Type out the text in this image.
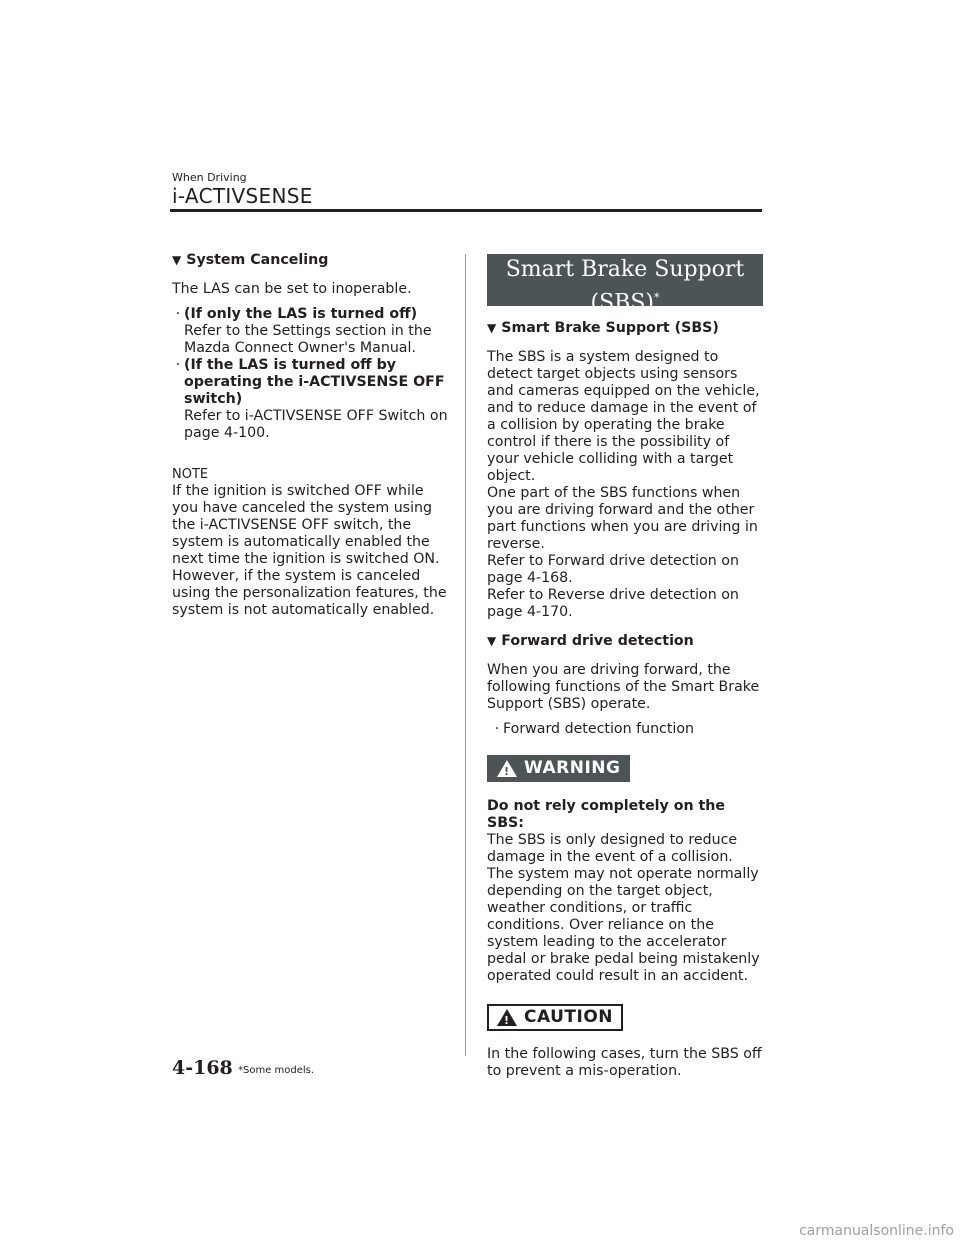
When Driving
i-ACTIVSENSE
▼ System Canceling

The LAS can be set to inoperable.

· (If only the LAS is turned off)
Refer to the Settings section in the Mazda Connect Owner's Manual.
· (If the LAS is turned off by operating the i-ACTIVSENSE OFF switch)
Refer to i-ACTIVSENSE OFF Switch on page 4-100.
NOTE

If the ignition is switched OFF while you have canceled the system using the i-ACTIVSENSE OFF switch, the system is automatically enabled the next time the ignition is switched ON. However, if the system is canceled using the personalization features, the system is not automatically enabled.

Smart Brake Support
(SBS)*
▼ Smart Brake Support (SBS)

The SBS is a system designed to detect target objects using sensors and cameras equipped on the vehicle, and to reduce damage in the event of a collision by operating the brake control if there is the possibility of your vehicle colliding with a target object.

One part of the SBS functions when you are driving forward and the other part functions when you are driving in reverse.

Refer to Forward drive detection on page 4-168.

Refer to Reverse drive detection on page 4-170.

▼ Forward drive detection

When you are driving forward, the following functions of the Smart Brake Support (SBS) operate.

· Forward detection function
! WARNING

Do not rely completely on the SBS:

The SBS is only designed to reduce damage in the event of a collision.

The system may not operate normally depending on the target object, weather conditions, or traffic conditions. Over reliance on the system leading to the accelerator pedal or brake pedal being mistakenly operated could result in an accident.

! CAUTION

In the following cases, turn the SBS off to prevent a mis-operation.

4-168 *Some models.
carmanualsonline.info
